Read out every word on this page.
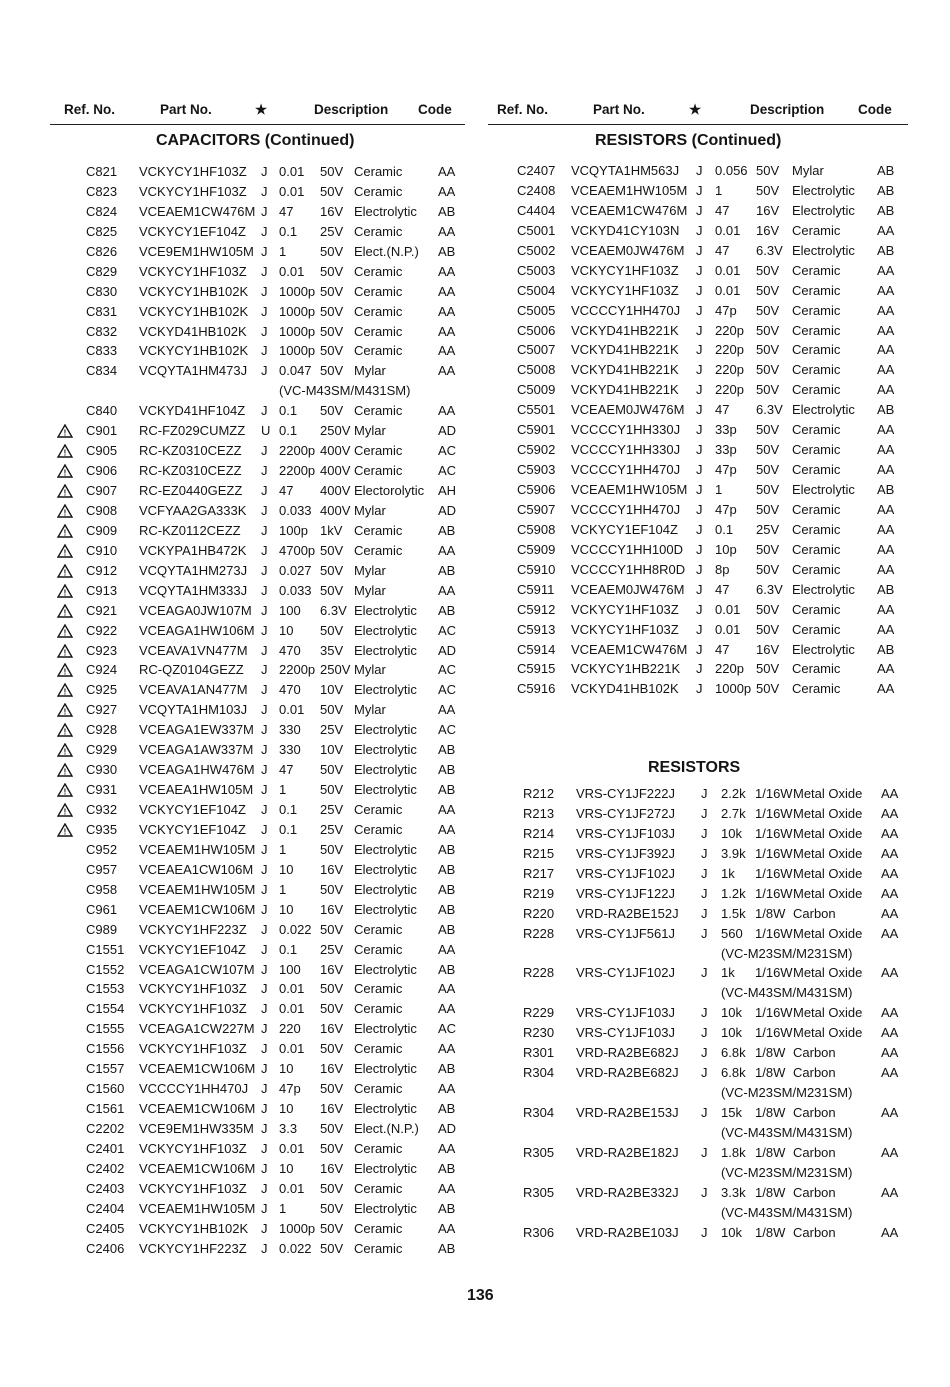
Ref. No.	Part No.	★	Description Code
CAPACITORS (Continued)
C821 VCKYCY1HF103Z J 0.01 50V Ceramic	AA
C823 VCKYCY1HF103Z J 0.01 50V Ceramic	AA
C824 VCEAEM1CW476M J 47 16V Electrolytic AB
C825 VCKYCY1EF104Z J 0.1 25V Ceramic	AA
C826 VCE9EM1HW105M J 1	50V Elect.(N.P.) AB
C829 VCKYCY1HF103Z J 0.01 50V Ceramic	AA
C830 VCKYCY1HB102K J 1000p 50V Ceramic	AA
C831 VCKYCY1HB102K J 1000p 50V Ceramic	AA
C832 VCKYD41HB102K J 1000p 50V Ceramic	AA
C833 VCKYCY1HB102K J 1000p 50V Ceramic	AA
C834 VCQYTA1HM473J J 0.047 50V Mylar	AA
(VC-M43SM/M431SM)
C840 VCKYD41HF104Z J 0.1 50V Ceramic	AA
! C901 RC-FZ029CUMZZ U 0.1 250V Mylar	AD
! C905 RC-KZ0310CEZZ J 2200p 400V Ceramic	AC
! C906 RC-KZ0310CEZZ J 2200p 400V Ceramic	AC
! C907 RC-EZ0440GEZZ J 47 400V Electorolytic AH
! C908 VCFYAA2GA333K J 0.033 400V Mylar	AD
! C909 RC-KZ0112CEZZ J 100p 1kV Ceramic	AB
! C910 VCKYPA1HB472K J 4700p 50V Ceramic	AA
! C912 VCQYTA1HM273J J 0.027 50V Mylar	AB
! C913 VCQYTA1HM333J J 0.033 50V Mylar	AA
! C921 VCEAGA0JW107M J 100 6.3V Electrolytic AB
! C922 VCEAGA1HW106M J 10 50V Electrolytic AC
! C923 VCEAVA1VN477M J 470 35V Electrolytic AD
! C924 RC-QZ0104GEZZ J 2200p 250V Mylar	AC
! C925 VCEAVA1AN477M J 470 10V Electrolytic AC
! C927 VCQYTA1HM103J J 0.01 50V Mylar	AA
! C928 VCEAGA1EW337M J 330 25V Electrolytic AC
! C929 VCEAGA1AW337M J 330 10V Electrolytic AB
! C930 VCEAGA1HW476M J 47 50V Electrolytic AB
! C931 VCEAEA1HW105M J 1	50V Electrolytic AB
! C932 VCKYCY1EF104Z J 0.1 25V Ceramic	AA
! C935 VCKYCY1EF104Z J 0.1 25V Ceramic	AA
C952 VCEAEM1HW105M J 1	50V Electrolytic AB
C957 VCEAEA1CW106M J 10 16V Electrolytic AB
C958 VCEAEM1HW105M J 1	50V Electrolytic AB
C961 VCEAEM1CW106M J 10 16V Electrolytic AB
C989 VCKYCY1HF223Z J 0.022 50V Ceramic	AB
C1551 VCKYCY1EF104Z J 0.1 25V Ceramic	AA
C1552 VCEAGA1CW107M J 100 16V Electrolytic AB
C1553 VCKYCY1HF103Z J 0.01 50V Ceramic	AA
C1554 VCKYCY1HF103Z J 0.01 50V Ceramic	AA
C1555 VCEAGA1CW227M J 220 16V Electrolytic AC
C1556 VCKYCY1HF103Z J 0.01 50V Ceramic	AA
C1557 VCEAEM1CW106M J 10 16V Electrolytic AB
C1560 VCCCCY1HH470J J 47p 50V Ceramic	AA
C1561 VCEAEM1CW106M J 10 16V Electrolytic AB
C2202 VCE9EM1HW335M J 3.3 50V Elect.(N.P.) AD
C2401 VCKYCY1HF103Z J 0.01 50V Ceramic	AA
C2402 VCEAEM1CW106M J 10 16V Electrolytic AB
C2403 VCKYCY1HF103Z J 0.01 50V Ceramic	AA
C2404 VCEAEM1HW105M J 1	50V Electrolytic AB
C2405 VCKYCY1HB102K J 1000p 50V Ceramic	AA
C2406 VCKYCY1HF223Z J 0.022 50V Ceramic	AB
Ref. No.	Part No.	★	Description Code
RESISTORS (Continued)
C2407 VCQYTA1HM563J J 0.056 50V Mylar	AB
C2408 VCEAEM1HW105M J 1	50V Electrolytic AB
C4404 VCEAEM1CW476M J 47 16V Electrolytic AB
C5001 VCKYD41CY103N J 0.01 16V Ceramic	AA
C5002 VCEAEM0JW476M J 47 6.3V Electrolytic AB
C5003 VCKYCY1HF103Z J 0.01 50V Ceramic	AA
C5004 VCKYCY1HF103Z J 0.01 50V Ceramic	AA
C5005 VCCCCY1HH470J J 47p 50V Ceramic	AA
C5006 VCKYD41HB221K J 220p 50V Ceramic	AA
C5007 VCKYD41HB221K J 220p 50V Ceramic	AA
C5008 VCKYD41HB221K J 220p 50V Ceramic	AA
C5009 VCKYD41HB221K J 220p 50V Ceramic	AA
C5501 VCEAEM0JW476M J 47 6.3V Electrolytic AB
C5901 VCCCCY1HH330J J 33p 50V Ceramic	AA
C5902 VCCCCY1HH330J J 33p 50V Ceramic	AA
C5903 VCCCCY1HH470J J 47p 50V Ceramic	AA
C5906 VCEAEM1HW105M J 1	50V Electrolytic AB
C5907 VCCCCY1HH470J J 47p 50V Ceramic	AA
C5908 VCKYCY1EF104Z J 0.1 25V Ceramic	AA
C5909 VCCCCY1HH100D J 10p 50V Ceramic	AA
C5910 VCCCCY1HH8R0D J 8p 50V Ceramic	AA
C5911 VCEAEM0JW476M J 47 6.3V Electrolytic AB
C5912 VCKYCY1HF103Z J 0.01 50V Ceramic	AA
C5913 VCKYCY1HF103Z J 0.01 50V Ceramic	AA
C5914 VCEAEM1CW476M J 47 16V Electrolytic AB
C5915 VCKYCY1HB221K J 220p 50V Ceramic	AA
C5916 VCKYD41HB102K J 1000p 50V Ceramic	AA
RESISTORS
R212 VRS-CY1JF222J J 2.2k 1/16W Metal Oxide AA
R213 VRS-CY1JF272J J 2.7k 1/16W Metal Oxide AA
R214 VRS-CY1JF103J J 10k 1/16W Metal Oxide AA
R215 VRS-CY1JF392J J 3.9k 1/16W Metal Oxide AA
R217 VRS-CY1JF102J J 1k 1/16W Metal Oxide AA
R219 VRS-CY1JF122J J 1.2k 1/16W Metal Oxide AA
R220 VRD-RA2BE152J J 1.5k 1/8W Carbon	AA
R228 VRS-CY1JF561J J 560 1/16W Metal Oxide AA
(VC-M23SM/M231SM)
R228 VRS-CY1JF102J J 1k 1/16W Metal Oxide AA
(VC-M43SM/M431SM)
R229 VRS-CY1JF103J J 10k 1/16W Metal Oxide AA
R230 VRS-CY1JF103J J 10k 1/16W Metal Oxide AA
R301 VRD-RA2BE682J J 6.8k 1/8W Carbon	AA
R304 VRD-RA2BE682J J 6.8k 1/8W Carbon	AA
(VC-M23SM/M231SM)
R304 VRD-RA2BE153J J 15k 1/8W Carbon	AA
(VC-M43SM/M431SM)
R305 VRD-RA2BE182J J 1.8k 1/8W Carbon	AA
(VC-M23SM/M231SM)
R305 VRD-RA2BE332J J 3.3k 1/8W Carbon	AA
(VC-M43SM/M431SM)
R306 VRD-RA2BE103J J 10k 1/8W Carbon	AA
136
